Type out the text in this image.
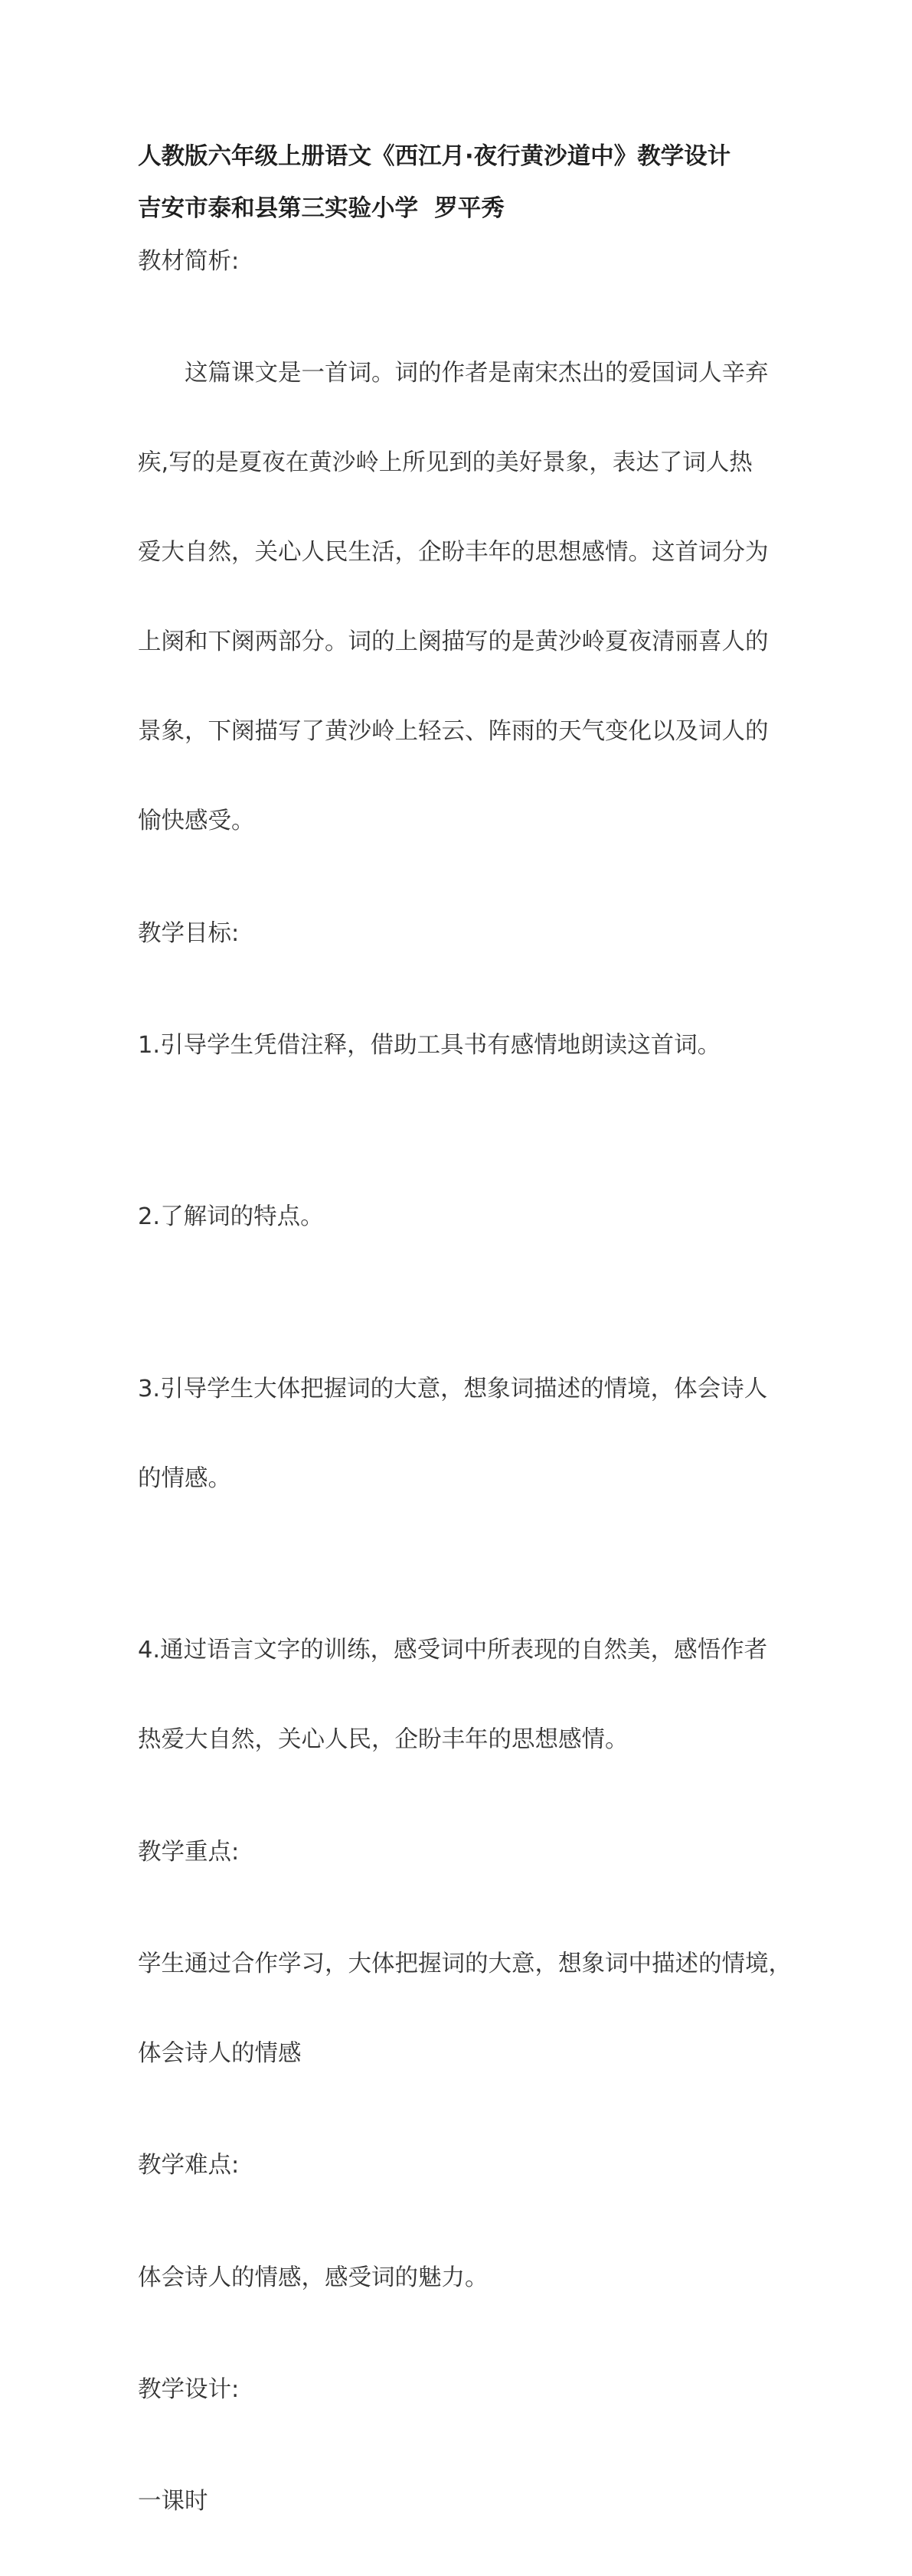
人教版六年级上册语文《西江月·夜行黄沙道中》教学设计
吉安市泰和县第三实验小学  罗平秀
教材简析:

这篇课文是一首词。词的作者是南宋杰出的爱国词人辛弃

疾,写的是夏夜在黄沙岭上所见到的美好景象，表达了词人热

爱大自然，关心人民生活，企盼丰年的思想感情。这首词分为

上阕和下阕两部分。词的上阕描写的是黄沙岭夏夜清丽喜人的

景象，下阕描写了黄沙岭上轻云、阵雨的天气变化以及词人的

愉快感受。

教学目标:

1.引导学生凭借注释，借助工具书有感情地朗读这首词。

2.了解词的特点。

3.引导学生大体把握词的大意，想象词描述的情境，体会诗人

的情感。

4.通过语言文字的训练，感受词中所表现的自然美，感悟作者

热爱大自然，关心人民，企盼丰年的思想感情。

教学重点:

学生通过合作学习，大体把握词的大意，想象词中描述的情境，

体会诗人的情感

教学难点:

体会诗人的情感，感受词的魅力。

教学设计:

一课时
